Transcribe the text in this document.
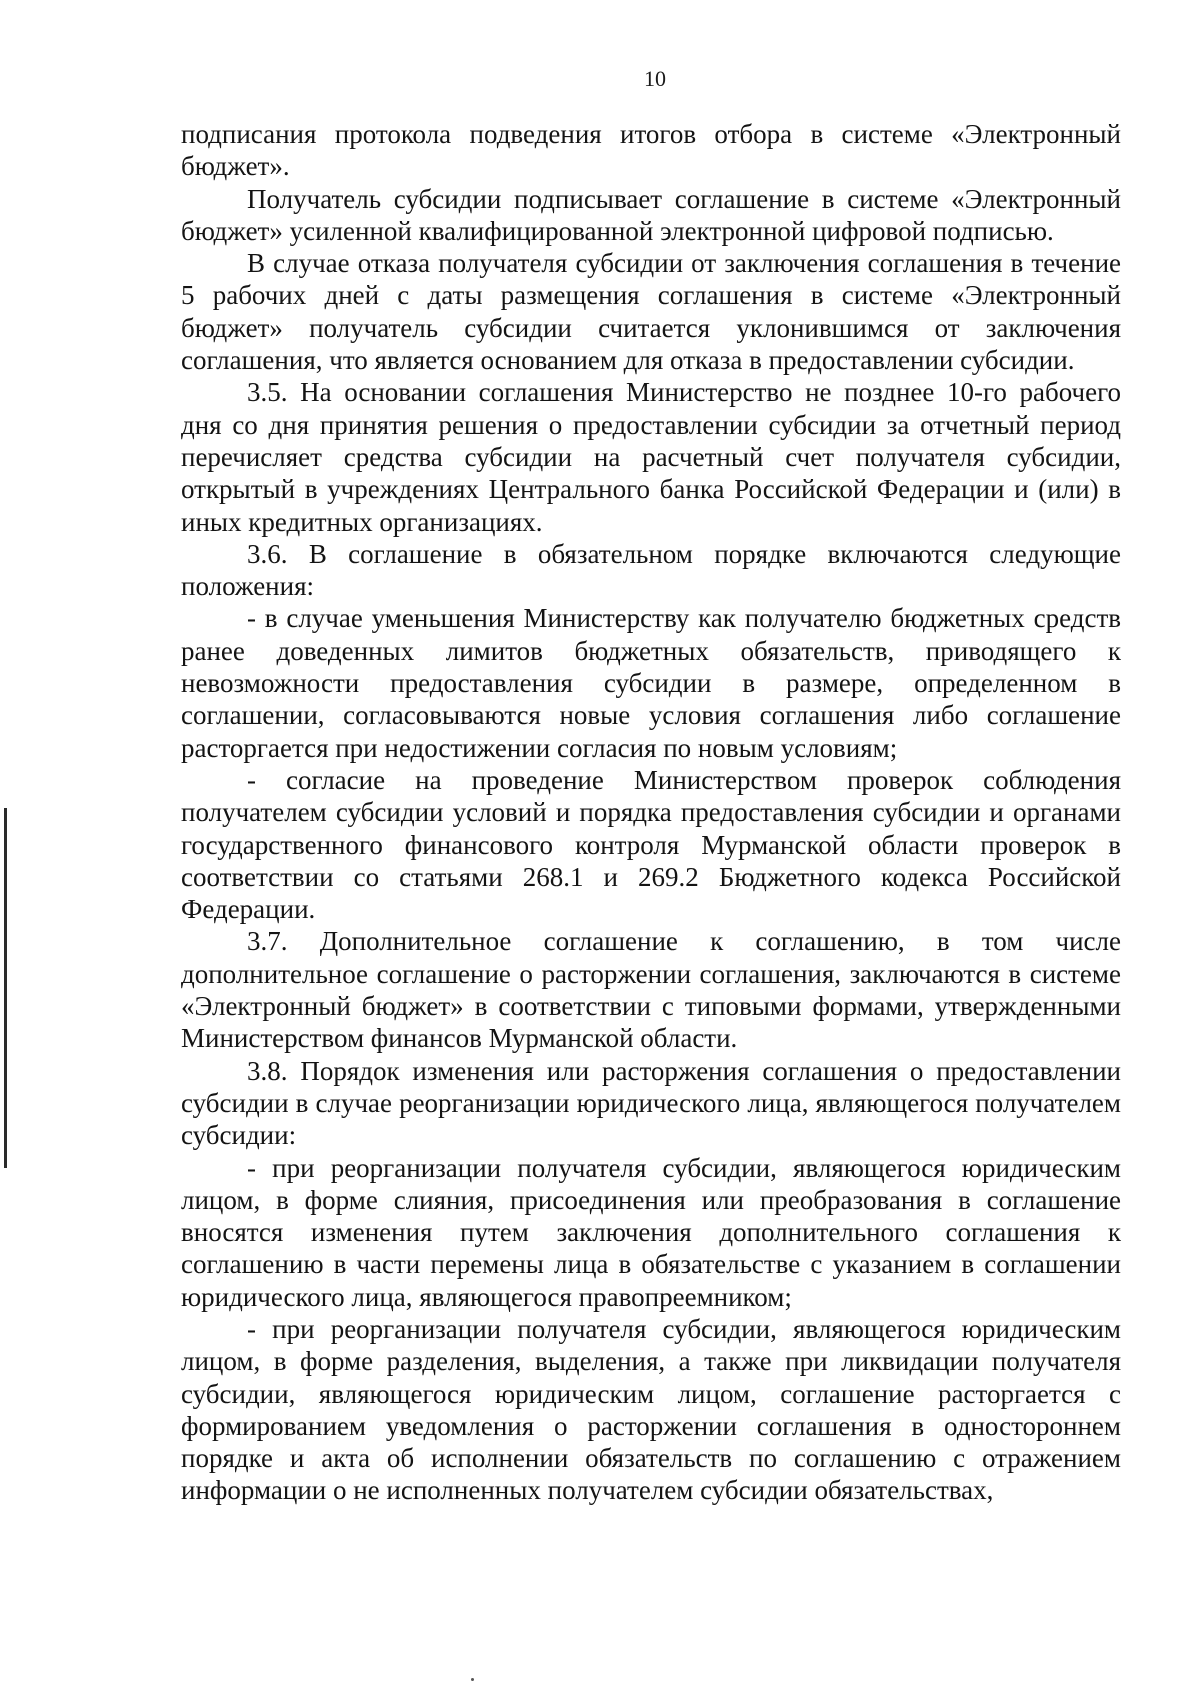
10

подписания протокола подведения итогов отбора в системе «Электронный бюджет».

Получатель субсидии подписывает соглашение в системе «Электронный бюджет» усиленной квалифицированной электронной цифровой подписью.

В случае отказа получателя субсидии от заключения соглашения в течение 5 рабочих дней с даты размещения соглашения в системе «Электронный бюджет» получатель субсидии считается уклонившимся от заключения соглашения, что является основанием для отказа в предоставлении субсидии.

3.5. На основании соглашения Министерство не позднее 10-го рабочего дня со дня принятия решения о предоставлении субсидии за отчетный период перечисляет средства субсидии на расчетный счет получателя субсидии, открытый в учреждениях Центрального банка Российской Федерации и (или) в иных кредитных организациях.

3.6. В соглашение в обязательном порядке включаются следующие положения:

- в случае уменьшения Министерству как получателю бюджетных средств ранее доведенных лимитов бюджетных обязательств, приводящего к невозможности предоставления субсидии в размере, определенном в соглашении, согласовываются новые условия соглашения либо соглашение расторгается при недостижении согласия по новым условиям;

- согласие на проведение Министерством проверок соблюдения получателем субсидии условий и порядка предоставления субсидии и органами государственного финансового контроля Мурманской области проверок в соответствии со статьями 268.1 и 269.2 Бюджетного кодекса Российской Федерации.

3.7. Дополнительное соглашение к соглашению, в том числе дополнительное соглашение о расторжении соглашения, заключаются в системе «Электронный бюджет» в соответствии с типовыми формами, утвержденными Министерством финансов Мурманской области.

3.8. Порядок изменения или расторжения соглашения о предоставлении субсидии в случае реорганизации юридического лица, являющегося получателем субсидии:

- при реорганизации получателя субсидии, являющегося юридическим лицом, в форме слияния, присоединения или преобразования в соглашение вносятся изменения путем заключения дополнительного соглашения к соглашению в части перемены лица в обязательстве с указанием в соглашении юридического лица, являющегося правопреемником;

- при реорганизации получателя субсидии, являющегося юридическим лицом, в форме разделения, выделения, а также при ликвидации получателя субсидии, являющегося юридическим лицом, соглашение расторгается с формированием уведомления о расторжении соглашения в одностороннем порядке и акта об исполнении обязательств по соглашению с отражением информации о не исполненных получателем субсидии обязательствах,
